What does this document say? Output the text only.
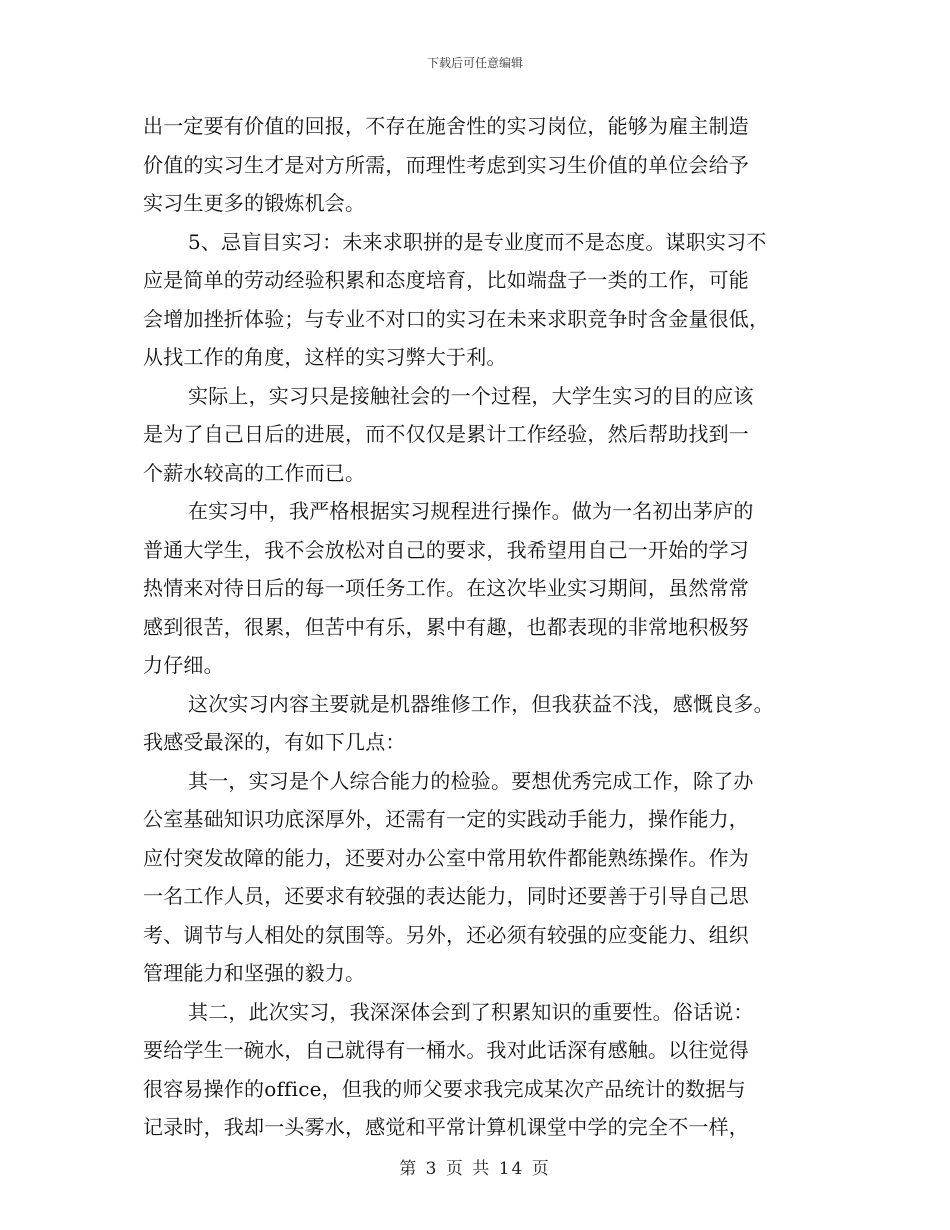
下载后可任意编辑
出一定要有价值的回报，不存在施舍性的实习岗位，能够为雇主制造
价值的实习生才是对方所需，而理性考虑到实习生价值的单位会给予
实习生更多的锻炼机会。
5、忌盲目实习：未来求职拼的是专业度而不是态度。谋职实习不
应是简单的劳动经验积累和态度培育，比如端盘子一类的工作，可能
会增加挫折体验；与专业不对口的实习在未来求职竞争时含金量很低，
从找工作的角度，这样的实习弊大于利。
实际上，实习只是接触社会的一个过程，大学生实习的目的应该
是为了自己日后的进展，而不仅仅是累计工作经验，然后帮助找到一
个薪水较高的工作而已。
在实习中，我严格根据实习规程进行操作。做为一名初出茅庐的
普通大学生，我不会放松对自己的要求，我希望用自己一开始的学习
热情来对待日后的每一项任务工作。在这次毕业实习期间，虽然常常
感到很苦，很累，但苦中有乐，累中有趣，也都表现的非常地积极努
力仔细。
这次实习内容主要就是机器维修工作，但我获益不浅，感慨良多。
我感受最深的，有如下几点：
其一，实习是个人综合能力的检验。要想优秀完成工作，除了办
公室基础知识功底深厚外，还需有一定的实践动手能力，操作能力，
应付突发故障的能力，还要对办公室中常用软件都能熟练操作。作为
一名工作人员，还要求有较强的表达能力，同时还要善于引导自己思
考、调节与人相处的氛围等。另外，还必须有较强的应变能力、组织
管理能力和坚强的毅力。
其二，此次实习，我深深体会到了积累知识的重要性。俗话说：
要给学生一碗水，自己就得有一桶水。我对此话深有感触。以往觉得
很容易操作的office，但我的师父要求我完成某次产品统计的数据与
记录时，我却一头雾水，感觉和平常计算机课堂中学的完全不一样，
第 3 页 共 14 页
